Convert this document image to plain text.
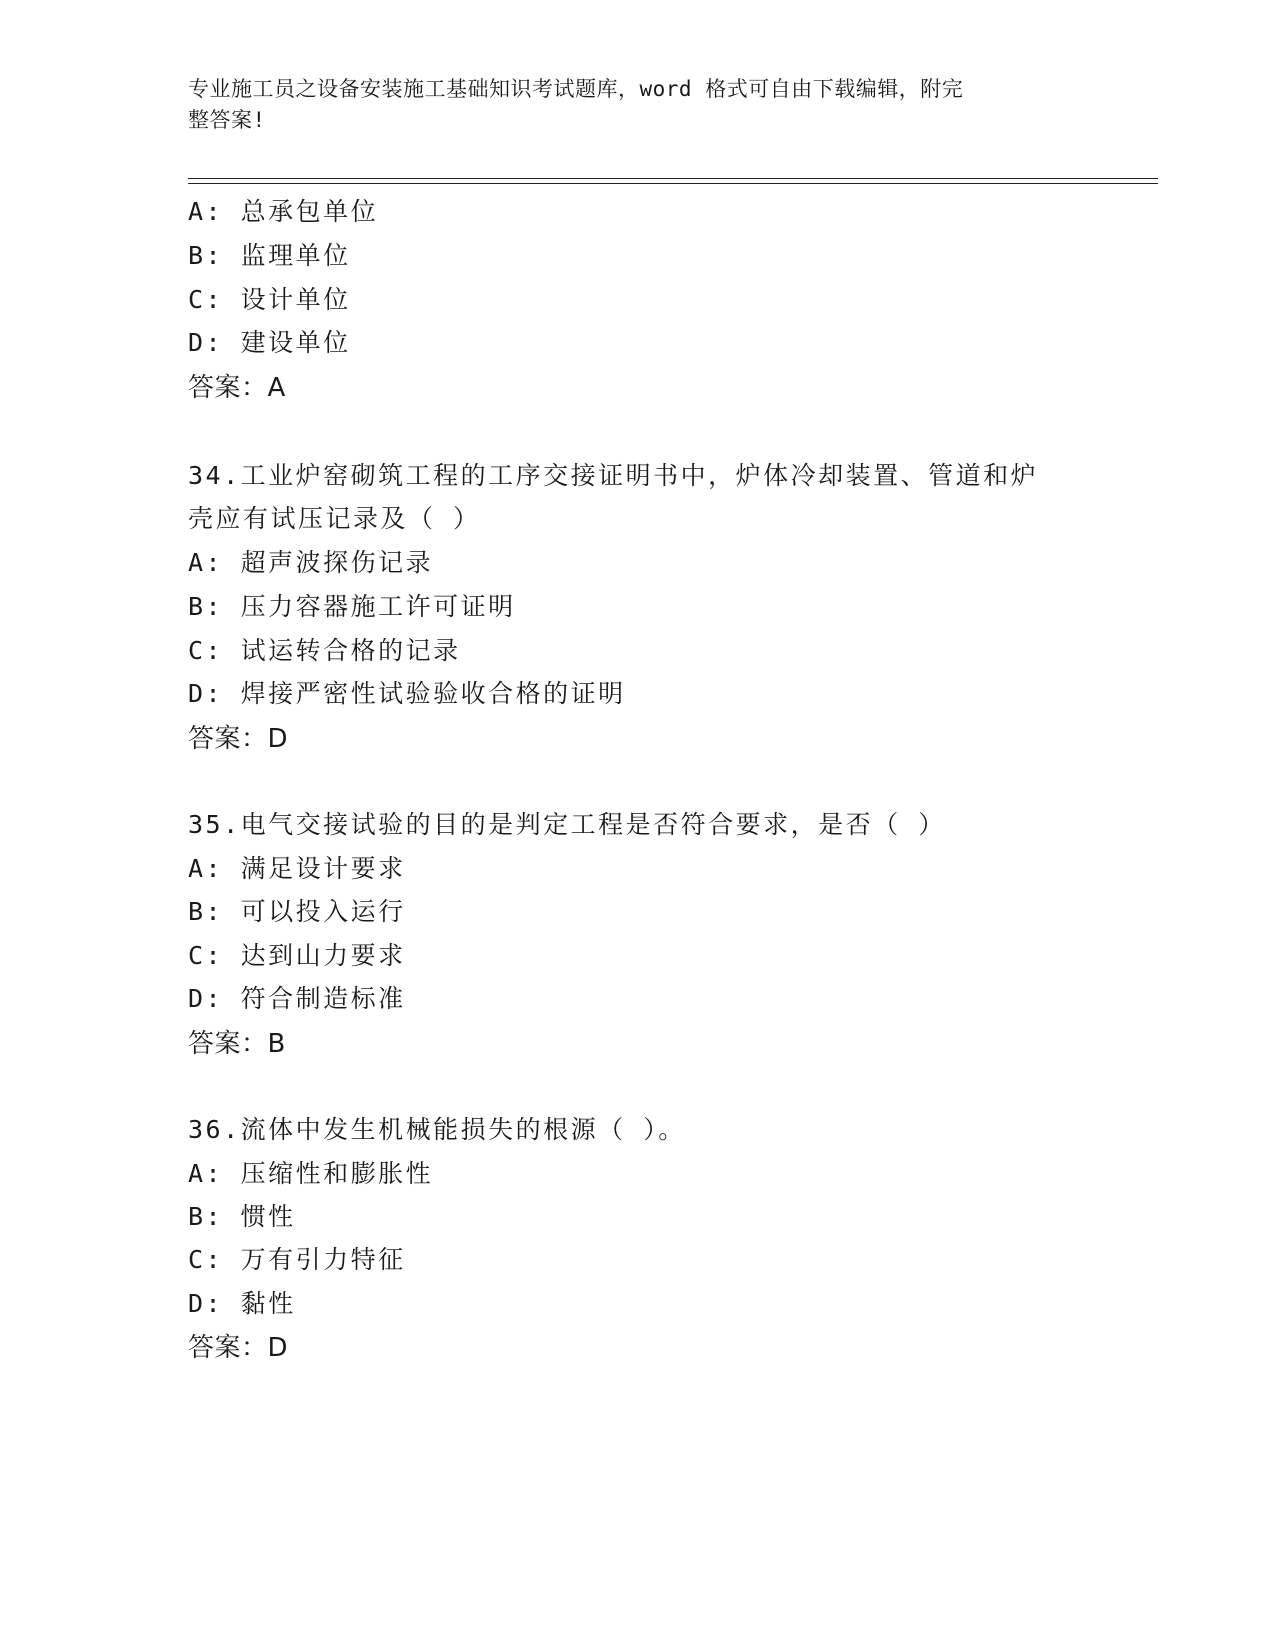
专业施工员之设备安装施工基础知识考试题库，word 格式可自由下载编辑，附完
整答案!
A: 总承包单位
B: 监理单位
C: 设计单位
D: 建设单位
答案：A
34.工业炉窑砌筑工程的工序交接证明书中，炉体冷却装置、管道和炉
壳应有试压记录及（ ）
A: 超声波探伤记录
B: 压力容器施工许可证明
C: 试运转合格的记录
D: 焊接严密性试验验收合格的证明
答案：D
35.电气交接试验的目的是判定工程是否符合要求，是否（ ）
A: 满足设计要求
B: 可以投入运行
C: 达到山力要求
D: 符合制造标准
答案：B
36.流体中发生机械能损失的根源（ ）。
A: 压缩性和膨胀性
B: 惯性
C: 万有引力特征
D: 黏性
答案：D
